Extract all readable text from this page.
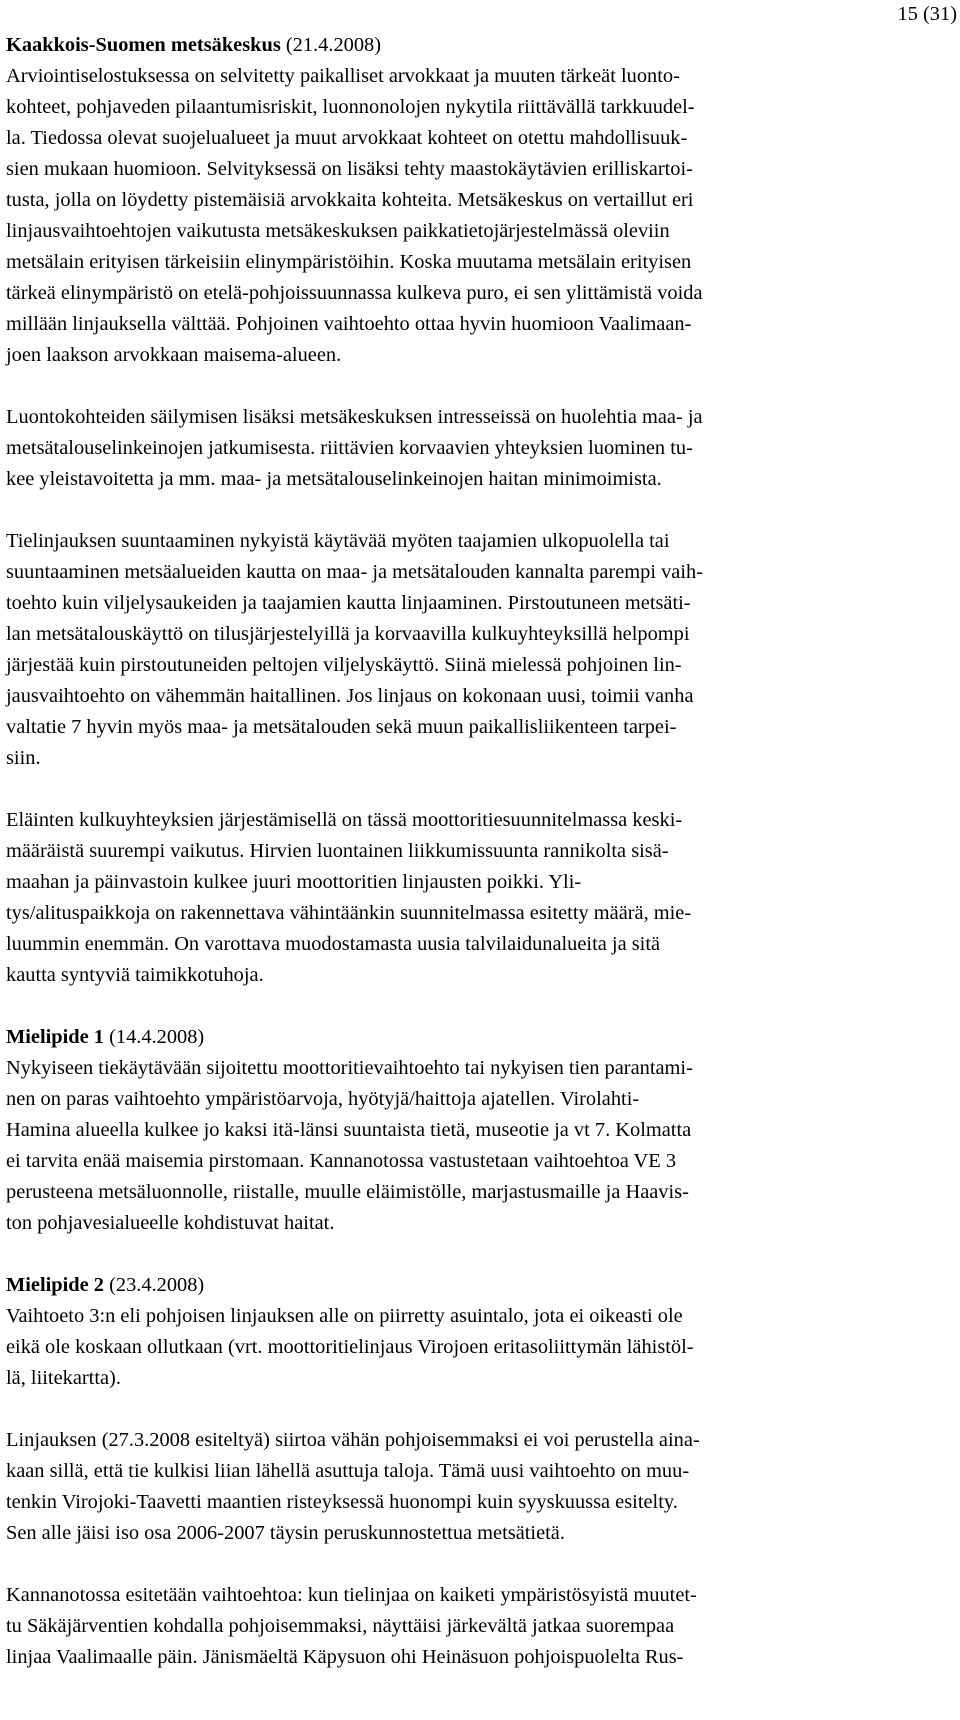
15 (31)
Kaakkois-Suomen metsäkeskus (21.4.2008)
Arviointiselostuksessa on selvitetty paikalliset arvokkaat ja muuten tärkeät luonto-
kohteet, pohjaveden pilaantumisriskit, luonnonolojen nykytila riittävällä tarkkuudel-
la. Tiedossa olevat suojelualueet ja muut arvokkaat kohteet on otettu mahdollisuuk-
sien mukaan huomioon. Selvityksessä on lisäksi tehty maastokäytävien erilliskartoi-
tusta, jolla on löydetty pistemäisiä arvokkaita kohteita. Metsäkeskus on vertaillut eri
linjausvaihtoehtojen vaikutusta metsäkeskuksen paikkatietojärjestelmässä oleviin
metsälain erityisen tärkeisiin elinympäristöihin. Koska muutama metsälain erityisen
tärkeä elinympäristö on etelä-pohjoissuunnassa kulkeva puro, ei sen ylittämistä voida
millään linjauksella välttää. Pohjoinen vaihtoehto ottaa hyvin huomioon Vaalimaan-
joen laakson arvokkaan maisema-alueen.
Luontokohteiden säilymisen lisäksi metsäkeskuksen intresseissä on huolehtia maa- ja
metsätalouselinkeinojen jatkumisesta. riittävien korvaavien yhteyksien luominen tu-
kee yleistavoitetta ja mm. maa- ja metsätalouselinkeinojen haitan minimoimista.
Tielinjauksen suuntaaminen nykyistä käytävää myöten taajamien ulkopuolella tai
suuntaaminen metsäalueiden kautta on maa- ja metsätalouden kannalta parempi vaih-
toehto kuin viljelysaukeiden ja taajamien kautta linjaaminen. Pirstoutuneen metsäti-
lan metsätalouskäyttö on tilusjärjestelyillä ja korvaavilla kulkuyhteyksillä helpompi
järjestää kuin pirstoutuneiden peltojen viljelyskäyttö. Siinä mielessä pohjoinen lin-
jausvaihtoehto on vähemmän haitallinen. Jos linjaus on kokonaan uusi, toimii vanha
valtatie 7 hyvin myös maa- ja metsätalouden sekä muun paikallisliikenteen tarpei-
siin.
Eläinten kulkuyhteyksien järjestämisellä on tässä moottoritiesuunnitelmassa keski-
määräistä suurempi vaikutus. Hirvien luontainen liikkumissuunta rannikolta sisä-
maahan ja päinvastoin kulkee juuri moottoritien linjausten poikki. Yli-
tys/alituspaikkoja on rakennettava vähintäänkin suunnitelmassa esitetty määrä, mie-
luummin enemmän. On varottava muodostamasta uusia talvilaidunalueita ja sitä
kautta syntyviä taimikkotuhoja.
Mielipide 1 (14.4.2008)
Nykyiseen tiekäytävään sijoitettu moottoritievaihtoehto tai nykyisen tien parantami-
nen on paras vaihtoehto ympäristöarvoja, hyötyjä/haittoja ajatellen. Virolahti-
Hamina alueella kulkee jo kaksi itä-länsi suuntaista tietä, museotie ja vt 7. Kolmatta
ei tarvita enää maisemia pirstomaan. Kannanotossa vastustetaan vaihtoehtoa VE 3
perusteena metsäluonnolle, riistalle, muulle eläimistölle, marjastusmaille ja Haavis-
ton pohjavesialueelle kohdistuvat haitat.
Mielipide 2 (23.4.2008)
Vaihtoeto 3:n eli pohjoisen linjauksen alle on piirretty asuintalo, jota ei oikeasti ole
eikä ole koskaan ollutkaan (vrt. moottoritielinjaus Virojoen eritasoliittymän lähistöl-
lä, liitekartta).
Linjauksen (27.3.2008 esiteltyä) siirtoa vähän pohjoisemmaksi ei voi perustella aina-
kaan sillä, että tie kulkisi liian lähellä asuttuja taloja. Tämä uusi vaihtoehto on muu-
tenkin Virojoki-Taavetti maantien risteyksessä huonompi kuin syyskuussa esitelty.
Sen alle jäisi iso osa 2006-2007 täysin peruskunnostettua metsätietä.
Kannanotossa esitetään vaihtoehtoa: kun tielinjaa on kaiketi ympäristösyistä muutet-
tu Säkäjärventien kohdalla pohjoisemmaksi, näyttäisi järkevältä jatkaa suorempaa
linjaa Vaalimaalle päin. Jänismäeltä Käpysuon ohi Heinäsuon pohjoispuolelta Rus-
